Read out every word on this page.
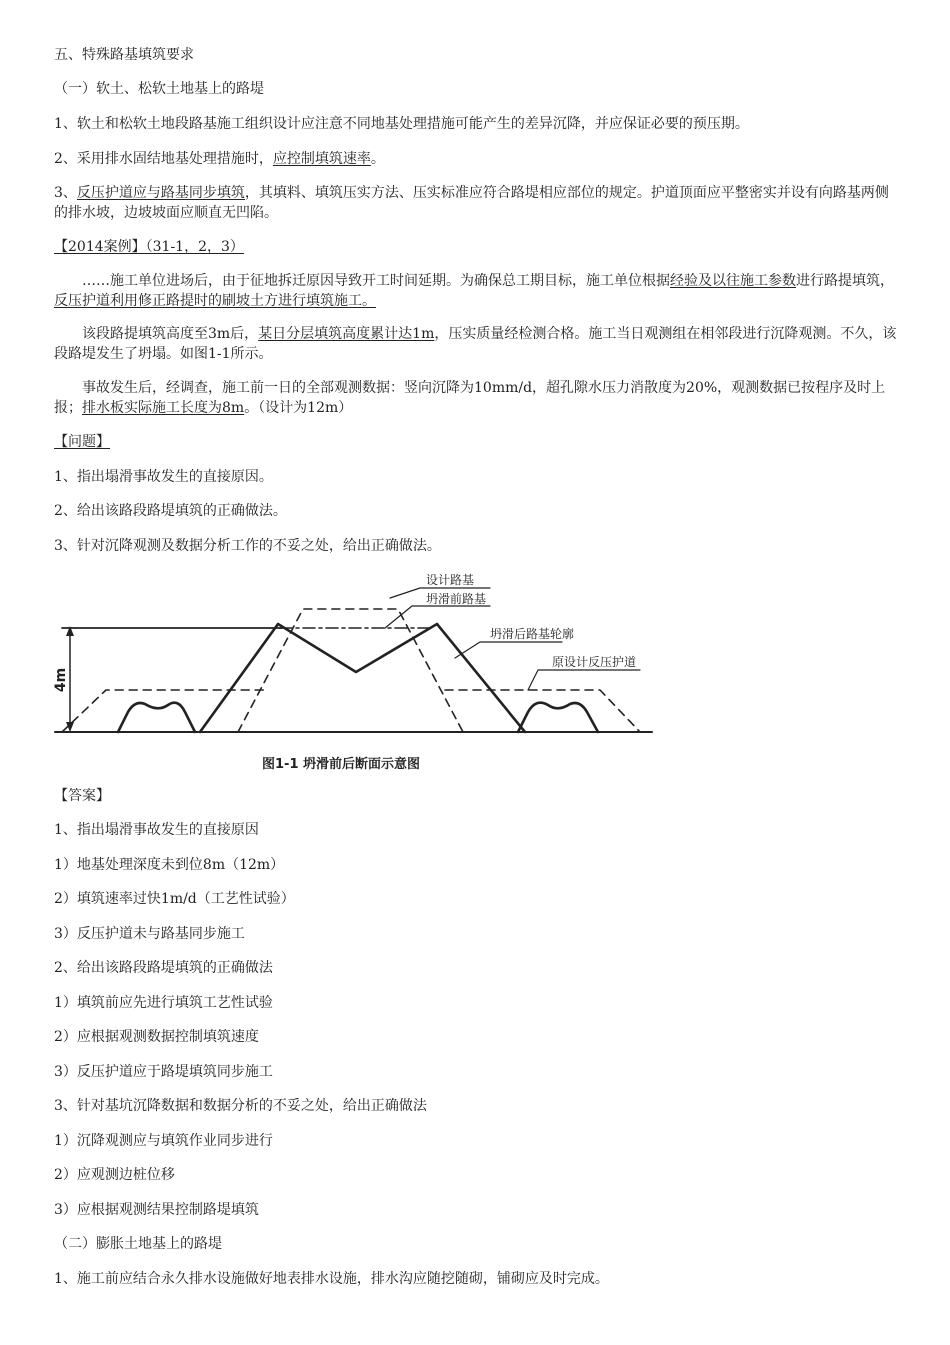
五、特殊路基填筑要求
（一）软土、松软土地基上的路堤
1、软土和松软土地段路基施工组织设计应注意不同地基处理措施可能产生的差异沉降，并应保证必要的预压期。
2、采用排水固结地基处理措施时，应控制填筑速率。
3、反压护道应与路基同步填筑，其填料、填筑压实方法、压实标准应符合路堤相应部位的规定。护道顶面应平整密实并设有向路基两侧的排水坡，边坡坡面应顺直无凹陷。
【2014案例】（31-1，2，3）
……施工单位进场后，由于征地拆迁原因导致开工时间延期。为确保总工期目标，施工单位根据经验及以往施工参数进行路提填筑，反压护道利用修正路提时的刷坡土方进行填筑施工。
该段路提填筑高度至3m后，某日分层填筑高度累计达1m，压实质量经检测合格。施工当日观测组在相邻段进行沉降观测。不久，该段路堤发生了坍塌。如图1-1所示。
事故发生后，经调查，施工前一日的全部观测数据：竖向沉降为10mm/d，超孔隙水压力消散度为20%，观测数据已按程序及时上报；排水板实际施工长度为8m。（设计为12m）
【问题】
1、指出塌滑事故发生的直接原因。
2、给出该路段路堤填筑的正确做法。
3、针对沉降观测及数据分析工作的不妥之处，给出正确做法。
4m
设计路基
坍滑前路基
坍滑后路基轮廓
原设计反压护道
图1-1 坍滑前后断面示意图
【答案】
1、指出塌滑事故发生的直接原因
1）地基处理深度未到位8m（12m）
2）填筑速率过快1m/d（工艺性试验）
3）反压护道未与路基同步施工
2、给出该路段路堤填筑的正确做法
1）填筑前应先进行填筑工艺性试验
2）应根据观测数据控制填筑速度
3）反压护道应于路堤填筑同步施工
3、针对基坑沉降数据和数据分析的不妥之处，给出正确做法
1）沉降观测应与填筑作业同步进行
2）应观测边桩位移
3）应根据观测结果控制路堤填筑
（二）膨胀土地基上的路堤
1、施工前应结合永久排水设施做好地表排水设施，排水沟应随挖随砌，铺砌应及时完成。
